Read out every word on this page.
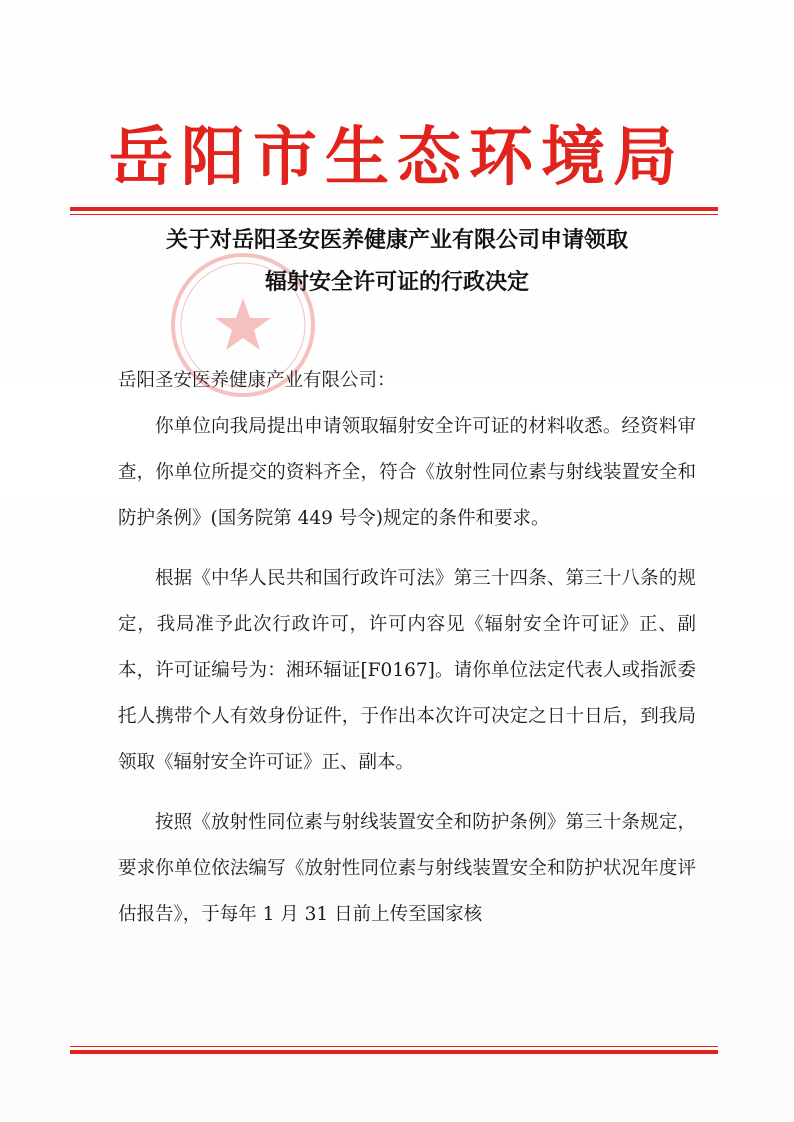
岳阳市生态环境局
关于对岳阳圣安医养健康产业有限公司申请领取
辐射安全许可证的行政决定

岳阳圣安医养健康产业有限公司：

你单位向我局提出申请领取辐射安全许可证的材料收悉。经资料审查，你单位所提交的资料齐全，符合《放射性同位素与射线装置安全和防护条例》(国务院第 449 号令)规定的条件和要求。

根据《中华人民共和国行政许可法》第三十四条、第三十八条的规定，我局准予此次行政许可，许可内容见《辐射安全许可证》正、副本，许可证编号为：湘环辐证[F0167]。请你单位法定代表人或指派委托人携带个人有效身份证件，于作出本次许可决定之日十日后，到我局领取《辐射安全许可证》正、副本。

按照《放射性同位素与射线装置安全和防护条例》第三十条规定，要求你单位依法编写《放射性同位素与射线装置安全和防护状况年度评估报告》，于每年 1 月 31 日前上传至国家核
